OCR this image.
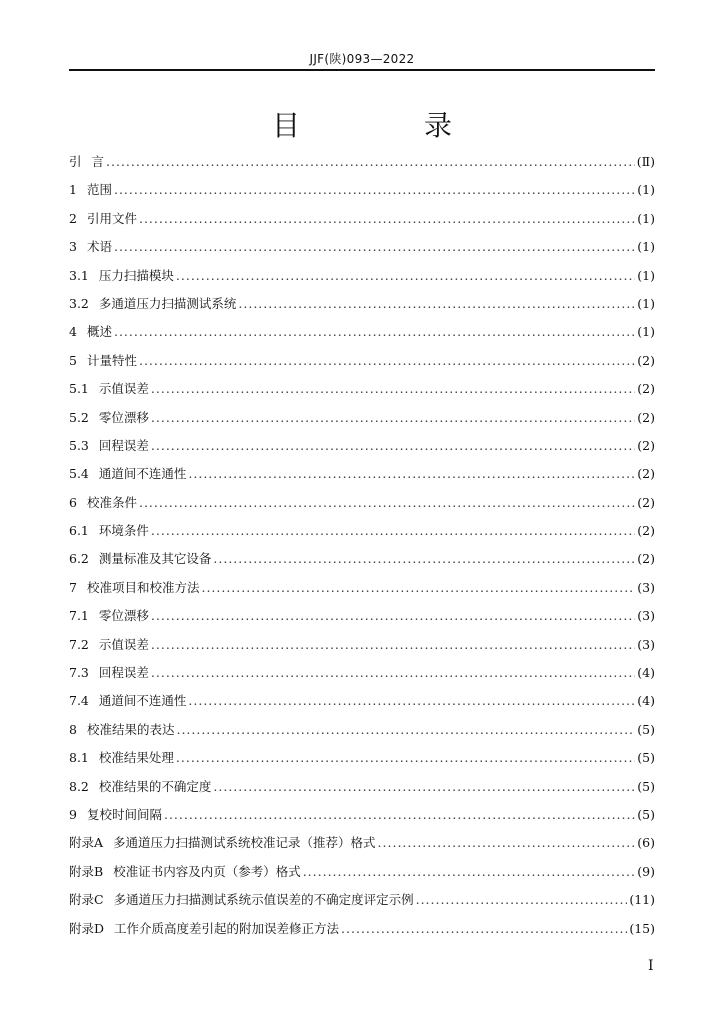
JJF(陕)093—2022
目　录
引 言 .....	(Ⅱ)
1 范围 .....	(1)
2 引用文件 .....	(1)
3 术语 .....	(1)
3.1 压力扫描模块 .....	(1)
3.2 多通道压力扫描测试系统 .....	(1)
4 概述 .....	(1)
5 计量特性 .....	(2)
5.1 示值误差 .....	(2)
5.2 零位漂移 .....	(2)
5.3 回程误差 .....	(2)
5.4 通道间不连通性 .....	(2)
6 校准条件 .....	(2)
6.1 环境条件 .....	(2)
6.2 测量标准及其它设备 .....	(2)
7 校准项目和校准方法 .....	(3)
7.1 零位漂移 .....	(3)
7.2 示值误差 .....	(3)
7.3 回程误差 .....	(4)
7.4 通道间不连通性 .....	(4)
8 校准结果的表达 .....	(5)
8.1 校准结果处理 .....	(5)
8.2 校准结果的不确定度 .....	(5)
9 复校时间间隔 .....	(5)
附录A 多通道压力扫描测试系统校准记录（推荐）格式 .....	(6)
附录B 校准证书内容及内页（参考）格式 .....	(9)
附录C 多通道压力扫描测试系统示值误差的不确定度评定示例 .....	(11)
附录D 工作介质高度差引起的附加误差修正方法 .....	(15)
Ⅰ
